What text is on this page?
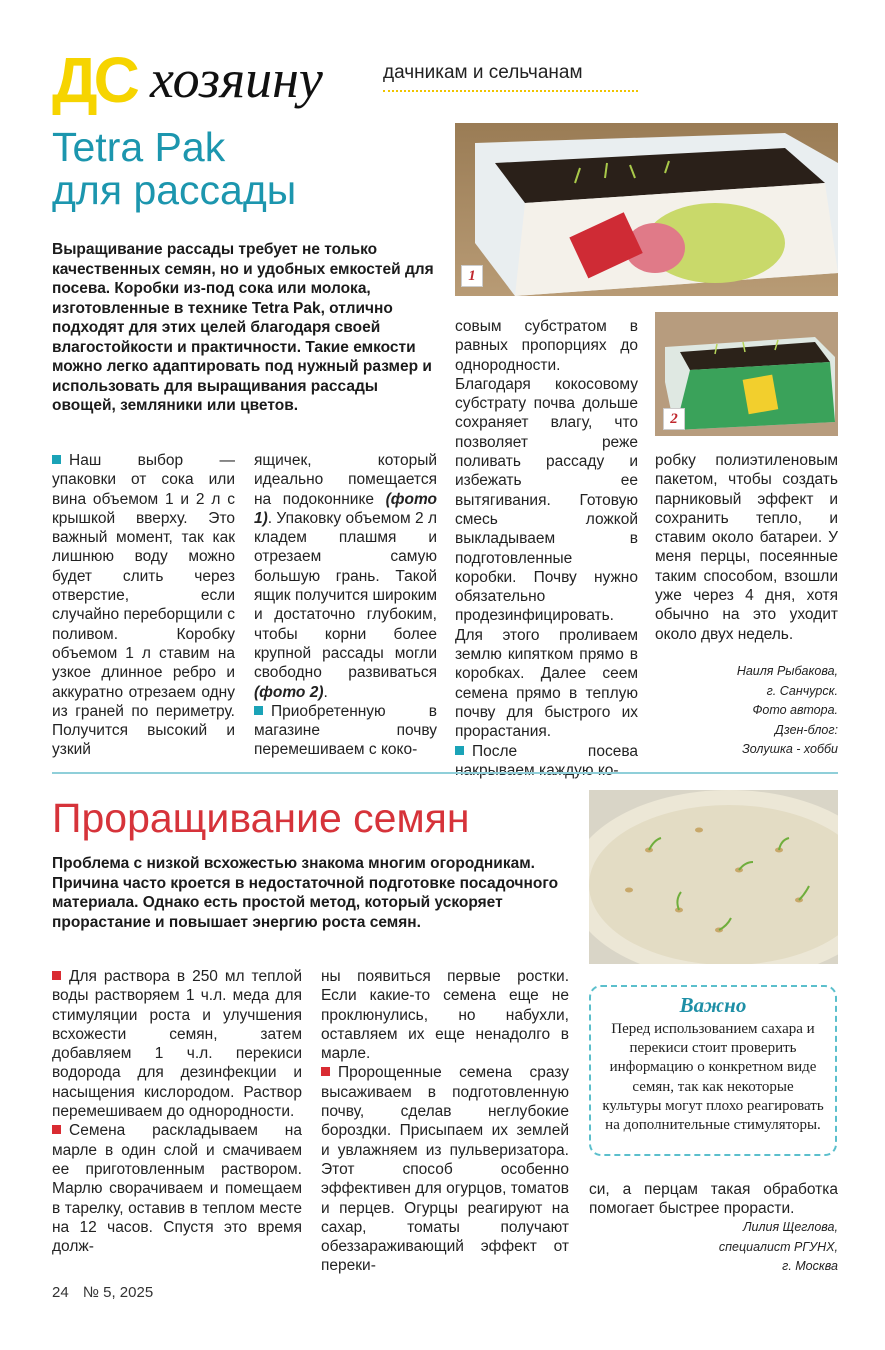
ДС хозяину	дачникам и сельчанам
Tetra Pak
для рассады
Выращивание рассады требует не только качественных семян, но и удобных емкостей для посева. Коробки из-под сока или молока, изготовленные в технике Tetra Pak, отлично подходят для этих целей благодаря своей влагостойкости и практичности. Такие емкости можно легко адаптировать под нужный размер и использовать для выращивания рассады овощей, земляники или цветов.
1
2
Наш выбор — упаковки от сока или вина объемом 1 и 2 л с крышкой вверху. Это важный момент, так как лишнюю воду можно будет слить через отверстие, если случайно переборщили с поливом. Коробку объемом 1 л ставим на узкое длинное ребро и аккуратно отрезаем одну из граней по периметру. Получится высокий и узкий
ящичек, который идеально помещается на подоконнике (фото 1). Упаковку объемом 2 л кладем плашмя и отрезаем самую большую грань. Такой ящик получится широким и достаточно глубоким, чтобы корни более крупной рассады могли свободно развиваться (фото 2).
Приобретенную в магазине почву перемешиваем с коко-
совым субстратом в равных пропорциях до однородности. Благодаря кокосовому субстрату почва дольше сохраняет влагу, что позволяет реже поливать рассаду и избежать ее вытягивания. Готовую смесь ложкой выкладываем в подготовленные коробки. Почву нужно обязательно продезинфицировать. Для этого проливаем землю кипятком прямо в коробках. Далее сеем семена прямо в теплую почву для быстрого их прорастания.
После посева накрываем каждую ко-
робку полиэтиленовым пакетом, чтобы создать парниковый эффект и сохранить тепло, и ставим около батареи. У меня перцы, посеянные таким способом, взошли уже через 4 дня, хотя обычно на это уходит около двух недель.
Наиля Рыбакова,
г. Санчурск.
Фото автора.
Дзен-блог:
Золушка - хобби
Проращивание семян
Проблема с низкой всхожестью знакома многим огородникам. Причина часто кроется в недостаточной подготовке посадочного материала. Однако есть простой метод, который ускоряет прорастание и повышает энергию роста семян.
Для раствора в 250 мл теплой воды растворяем 1 ч.л. меда для стимуляции роста и улучшения всхожести семян, затем добавляем 1 ч.л. перекиси водорода для дезинфекции и насыщения кислородом. Раствор перемешиваем до однородности.
Семена раскладываем на марле в один слой и смачиваем ее приготовленным раствором. Марлю сворачиваем и помещаем в тарелку, оставив в теплом месте на 12 часов. Спустя это время долж-
ны появиться первые ростки. Если какие-то семена еще не проклюнулись, но набухли, оставляем их еще ненадолго в марле.
Пророщенные семена сразу высаживаем в подготовленную почву, сделав неглубокие бороздки. Присыпаем их землей и увлажняем из пульверизатора. Этот способ особенно эффективен для огурцов, томатов и перцев. Огурцы реагируют на сахар, томаты получают обеззараживающий эффект от переки-
Важно
Перед использованием сахара и перекиси стоит проверить информацию о конкретном виде семян, так как некоторые культуры могут плохо реагировать на дополнительные стимуляторы.
си, а перцам такая обработка помогает быстрее прорасти.
Лилия Щеглова,
специалист РГУНХ,
г. Москва
24 № 5, 2025
